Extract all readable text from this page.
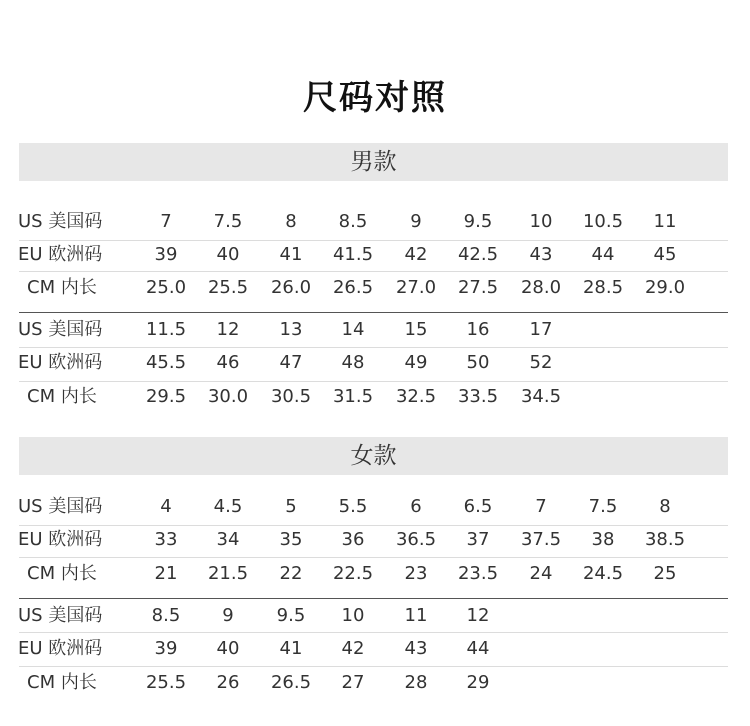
尺码对照
男款
US 美国码	7	7.5	8	8.5	9	9.5	10	10.5	11
EU 欧洲码	39	40	41	41.5	42	42.5	43	44	45
CM 内长	25.0	25.5	26.0	26.5	27.0	27.5	28.0	28.5	29.0
US 美国码	11.5	12	13	14	15	16	17
EU 欧洲码	45.5	46	47	48	49	50	52
CM 内长	29.5	30.0	30.5	31.5	32.5	33.5	34.5
女款
US 美国码	4	4.5	5	5.5	6	6.5	7	7.5	8
EU 欧洲码	33	34	35	36	36.5	37	37.5	38	38.5
CM 内长	21	21.5	22	22.5	23	23.5	24	24.5	25
US 美国码	8.5	9	9.5	10	11	12
EU 欧洲码	39	40	41	42	43	44
CM 内长	25.5	26	26.5	27	28	29
